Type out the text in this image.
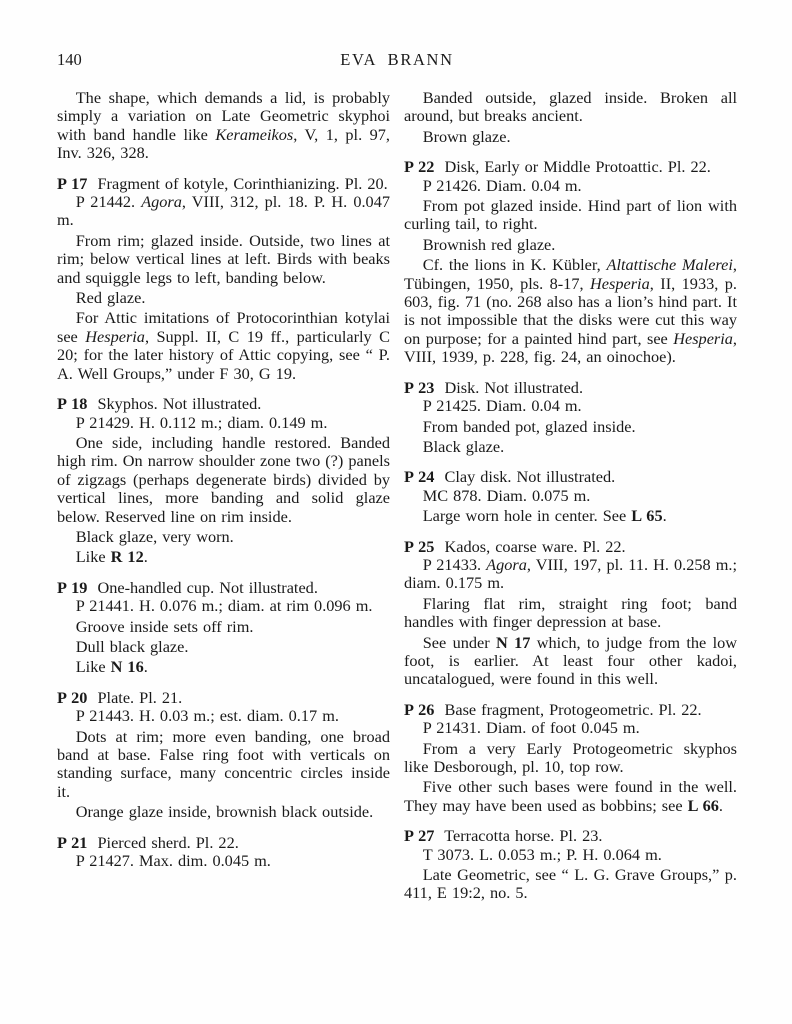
140	EVA BRANN

The shape, which demands a lid, is probably simply a variation on Late Geometric skyphoi with band handle like Kerameikos, V, 1, pl. 97, Inv. 326, 328.

P 17  Fragment of kotyle, Corinthianizing. Pl. 20.

P 21442. Agora, VIII, 312, pl. 18. P. H. 0.047 m.

From rim; glazed inside. Outside, two lines at rim; below vertical lines at left. Birds with beaks and squiggle legs to left, banding below.

Red glaze.

For Attic imitations of Protocorinthian kotylai see Hesperia, Suppl. II, C 19 ff., particularly C 20; for the later history of Attic copying, see “ P. A. Well Groups,” under F 30, G 19.

P 18  Skyphos. Not illustrated.

P 21429. H. 0.112 m.; diam. 0.149 m.

One side, including handle restored. Banded high rim. On narrow shoulder zone two (?) panels of zigzags (perhaps degenerate birds) divided by vertical lines, more banding and solid glaze below. Reserved line on rim inside.

Black glaze, very worn.

Like R 12.

P 19  One-handled cup. Not illustrated.

P 21441. H. 0.076 m.; diam. at rim 0.096 m.

Groove inside sets off rim.

Dull black glaze.

Like N 16.

P 20  Plate. Pl. 21.

P 21443. H. 0.03 m.; est. diam. 0.17 m.

Dots at rim; more even banding, one broad band at base. False ring foot with verticals on standing surface, many concentric circles inside it.

Orange glaze inside, brownish black outside.

P 21  Pierced sherd. Pl. 22.

P 21427. Max. dim. 0.045 m.

Banded outside, glazed inside. Broken all around, but breaks ancient.

Brown glaze.

P 22  Disk, Early or Middle Protoattic. Pl. 22.

P 21426. Diam. 0.04 m.

From pot glazed inside. Hind part of lion with curling tail, to right.

Brownish red glaze.

Cf. the lions in K. Kübler, Altattische Malerei, Tübingen, 1950, pls. 8-17, Hesperia, II, 1933, p. 603, fig. 71 (no. 268 also has a lion’s hind part. It is not impossible that the disks were cut this way on purpose; for a painted hind part, see Hesperia, VIII, 1939, p. 228, fig. 24, an oinochoe).

P 23  Disk. Not illustrated.

P 21425. Diam. 0.04 m.

From banded pot, glazed inside.

Black glaze.

P 24  Clay disk. Not illustrated.

MC 878. Diam. 0.075 m.

Large worn hole in center. See L 65.

P 25  Kados, coarse ware. Pl. 22.

P 21433. Agora, VIII, 197, pl. 11. H. 0.258 m.; diam. 0.175 m.

Flaring flat rim, straight ring foot; band handles with finger depression at base.

See under N 17 which, to judge from the low foot, is earlier. At least four other kadoi, uncatalogued, were found in this well.

P 26  Base fragment, Protogeometric. Pl. 22.

P 21431. Diam. of foot 0.045 m.

From a very Early Protogeometric skyphos like Desborough, pl. 10, top row.

Five other such bases were found in the well. They may have been used as bobbins; see L 66.

P 27  Terracotta horse. Pl. 23.

T 3073. L. 0.053 m.; P. H. 0.064 m.

Late Geometric, see “ L. G. Grave Groups,” p. 411, E 19:2, no. 5.
